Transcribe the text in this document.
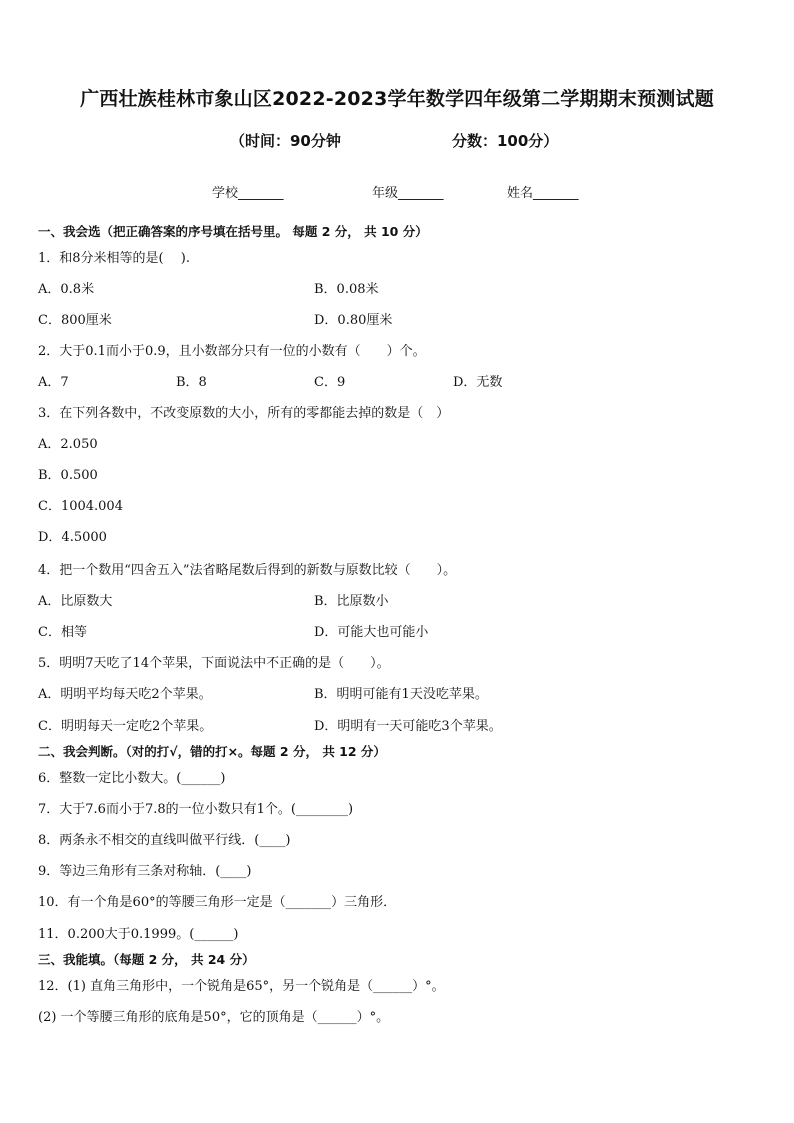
广西壮族桂林市象山区2022-2023学年数学四年级第二学期期末预测试题
（时间：90分钟	分数：100分）
学校_______	年级_______	姓名_______
一、我会选（把正确答案的序号填在括号里。 每题 2 分， 共 10 分）
1．和8分米相等的是(　 ).
A．0.8米	B．0.08米
C．800厘米	D．0.80厘米
2．大于0.1而小于0.9，且小数部分只有一位的小数有（　　）个。
A．7	B．8	C．9	D．无数
3．在下列各数中，不改变原数的大小，所有的零都能去掉的数是（　）
A．2.050
B．0.500
C．1004.004
D．4.5000
4．把一个数用“四舍五入”法省略尾数后得到的新数与原数比较（　　）。
A．比原数大	B．比原数小
C．相等	D．可能大也可能小
5．明明7天吃了14个苹果，下面说法中不正确的是（　　）。
A．明明平均每天吃2个苹果。	B．明明可能有1天没吃苹果。
C．明明每天一定吃2个苹果。	D．明明有一天可能吃3个苹果。
二、我会判断。（对的打√，错的打×。每题 2 分， 共 12 分）
6．整数一定比小数大。(______)
7．大于7.6而小于7.8的一位小数只有1个。(________)
8．两条永不相交的直线叫做平行线．(____)
9．等边三角形有三条对称轴．(____)
10．有一个角是60°的等腰三角形一定是（_______）三角形．
11．0.200大于0.1999。(______)
三、我能填。（每题 2 分， 共 24 分）
12．(1) 直角三角形中，一个锐角是65°，另一个锐角是（______）°。
(2) 一个等腰三角形的底角是50°，它的顶角是（______）°。
